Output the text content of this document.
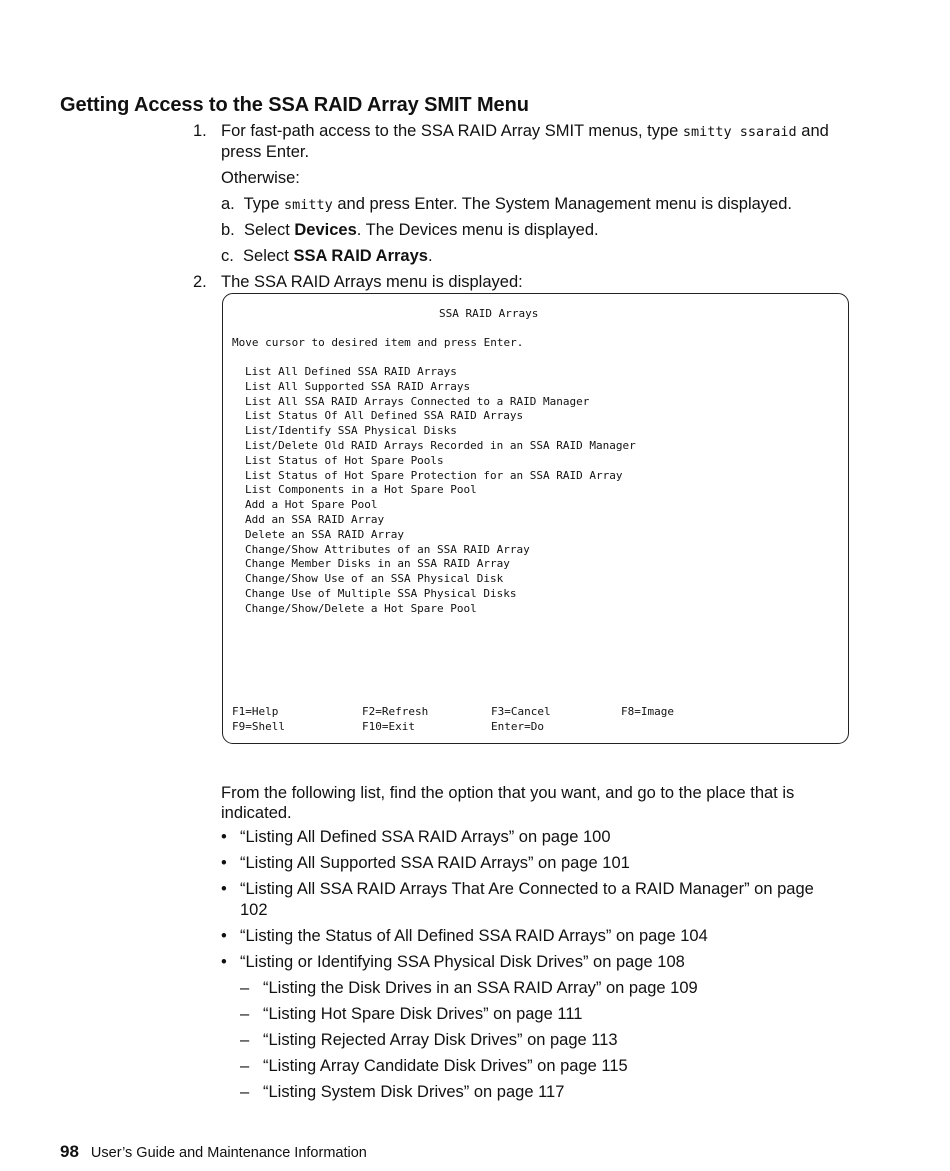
Getting Access to the SSA RAID Array SMIT Menu
1. For fast-path access to the SSA RAID Array SMIT menus, type smitty ssaraid and
press Enter.
Otherwise:
a. Type smitty and press Enter. The System Management menu is displayed.
b. Select Devices. The Devices menu is displayed.
c. Select SSA RAID Arrays.
2. The SSA RAID Arrays menu is displayed:
From the following list, find the option that you want, and go to the place that is
indicated.
• “Listing All Defined SSA RAID Arrays” on page 100
• “Listing All Supported SSA RAID Arrays” on page 101
• “Listing All SSA RAID Arrays That Are Connected to a RAID Manager” on page 102
• “Listing the Status of All Defined SSA RAID Arrays” on page 104
• “Listing or Identifying SSA Physical Disk Drives” on page 108
– “Listing the Disk Drives in an SSA RAID Array” on page 109
– “Listing Hot Spare Disk Drives” on page 111
– “Listing Rejected Array Disk Drives” on page 113
– “Listing Array Candidate Disk Drives” on page 115
– “Listing System Disk Drives” on page 117
SSA RAID Arrays
Move cursor to desired item and press Enter.
List All Defined SSA RAID Arrays
List All Supported SSA RAID Arrays
List All SSA RAID Arrays Connected to a RAID Manager
List Status Of All Defined SSA RAID Arrays
List/Identify SSA Physical Disks
List/Delete Old RAID Arrays Recorded in an SSA RAID Manager
List Status of Hot Spare Pools
List Status of Hot Spare Protection for an SSA RAID Array
List Components in a Hot Spare Pool
Add a Hot Spare Pool
Add an SSA RAID Array
Delete an SSA RAID Array
Change/Show Attributes of an SSA RAID Array
Change Member Disks in an SSA RAID Array
Change/Show Use of an SSA Physical Disk
Change Use of Multiple SSA Physical Disks
Change/Show/Delete a Hot Spare Pool
F1=Help	F2=Refresh	F3=Cancel	F8=Image
F9=Shell	F10=Exit	Enter=Do
98 User’s Guide and Maintenance Information
